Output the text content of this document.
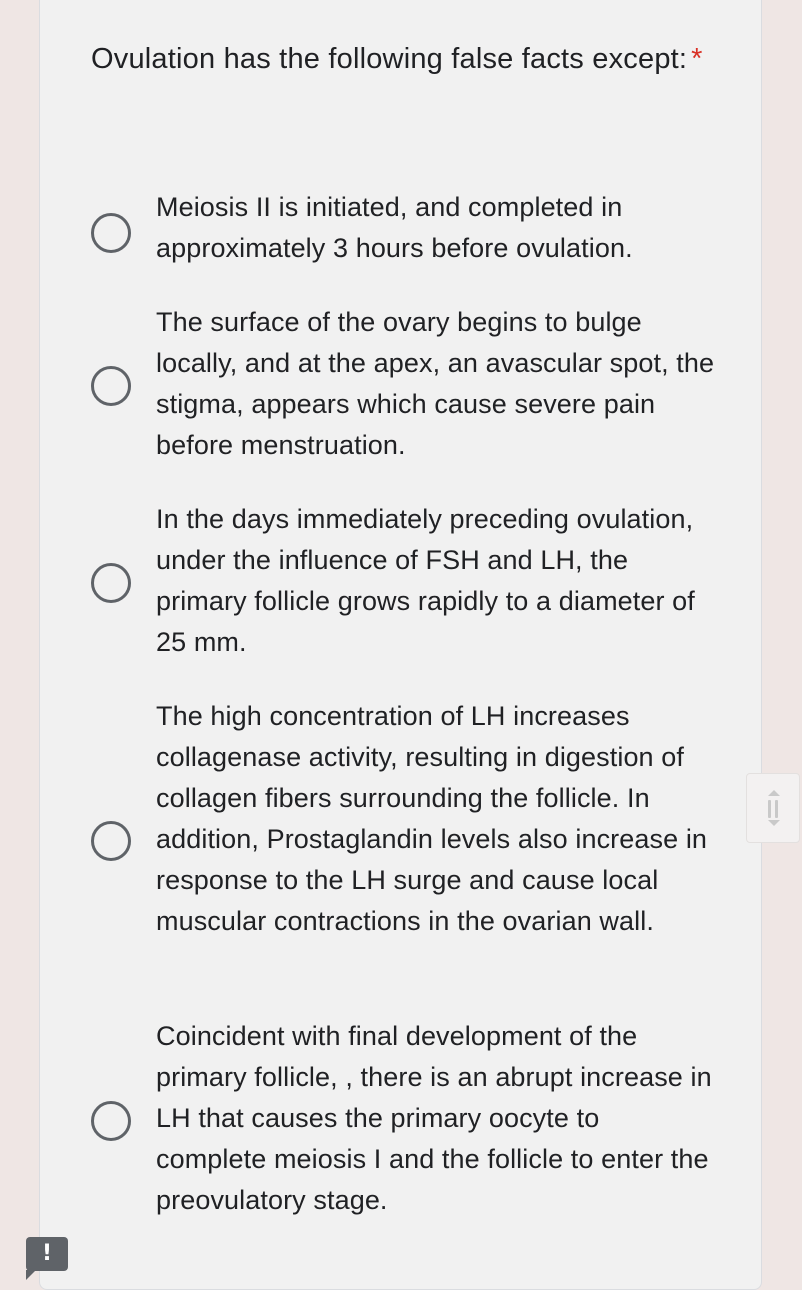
Ovulation has the following false facts except: *
Meiosis II is initiated, and completed in approximately 3 hours before ovulation.
The surface of the ovary begins to bulge locally, and at the apex, an avascular spot, the stigma, appears which cause severe pain before menstruation.
In the days immediately preceding ovulation, under the influence of FSH and LH, the primary follicle grows rapidly to a diameter of 25 mm.
The high concentration of LH increases collagenase activity, resulting in digestion of collagen fibers surrounding the follicle. In addition, Prostaglandin levels also increase in response to the LH surge and cause local muscular contractions in the ovarian wall.
Coincident with final development of the primary follicle, , there is an abrupt increase in LH that causes the primary oocyte to complete meiosis I and the follicle to enter the preovulatory stage.
!
